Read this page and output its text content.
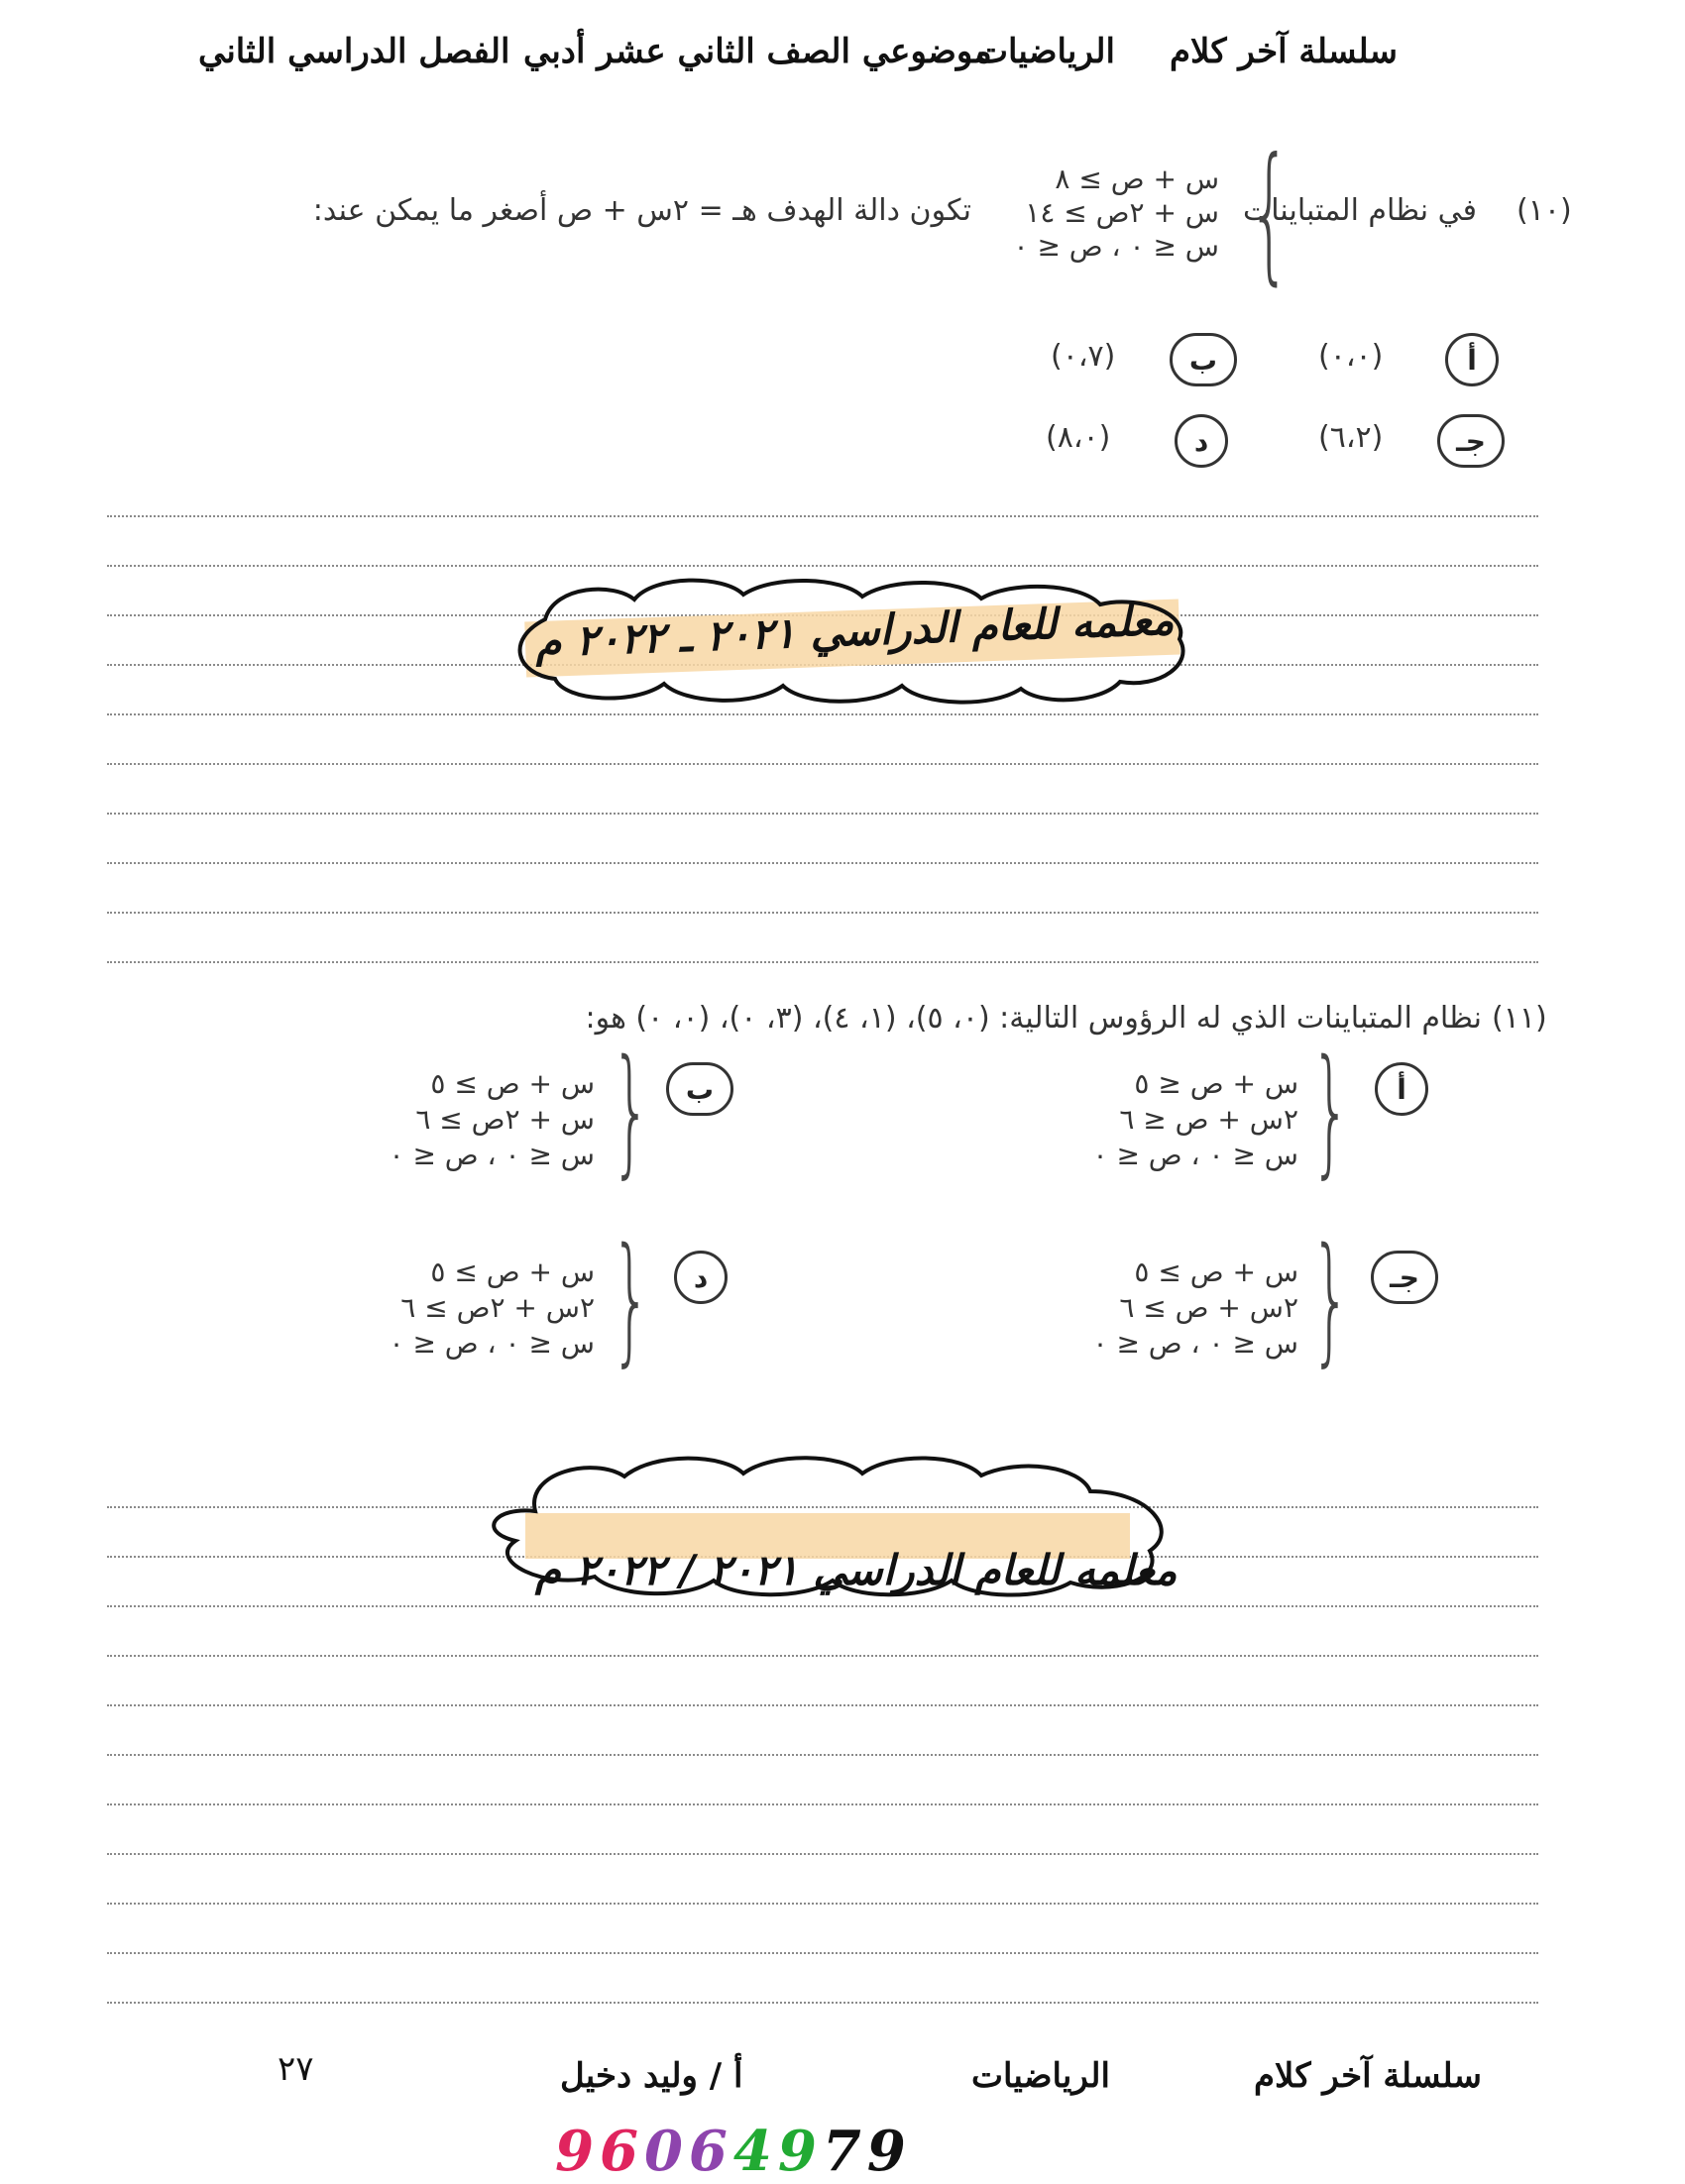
سلسلة آخر كلام
الرياضيات
موضوعي الصف الثاني عشر أدبي
الفصل الدراسي الثاني
(١٠)
في نظام المتباينات
{
س + ص ≥ ٨
س + ٢ص ≥ ١٤
س ≤ ٠ ، ص ≤ ٠
تكون دالة الهدف هـ = ٢س + ص أصغر ما يمكن عند:
أ
(٠،٠)
ب
(٠،٧)
جـ
(٦،٢)
د
(٨،٠)
معلمه للعام الدراسي ٢٠٢١ ـ ٢٠٢٢ م
(١١)
نظام المتباينات الذي له الرؤوس التالية: (٠، ٥)، (١، ٤)، (٣، ٠)، (٠، ٠) هو:
أ
}
س + ص ≤ ٥
٢س + ص ≤ ٦
س ≤ ٠ ، ص ≤ ٠
ب
}
س + ص ≥ ٥
س + ٢ص ≥ ٦
س ≤ ٠ ، ص ≤ ٠
جـ
}
س + ص ≥ ٥
٢س + ص ≥ ٦
س ≤ ٠ ، ص ≤ ٠
د
}
س + ص ≥ ٥
٢س + ٢ص ≥ ٦
س ≤ ٠ ، ص ≤ ٠
معلمه للعام الدراسي ٢٠٢١ / ٢٠٢٢ م
سلسلة آخر كلام
الرياضيات
أ / وليد دخيل
٢٧
96064979
